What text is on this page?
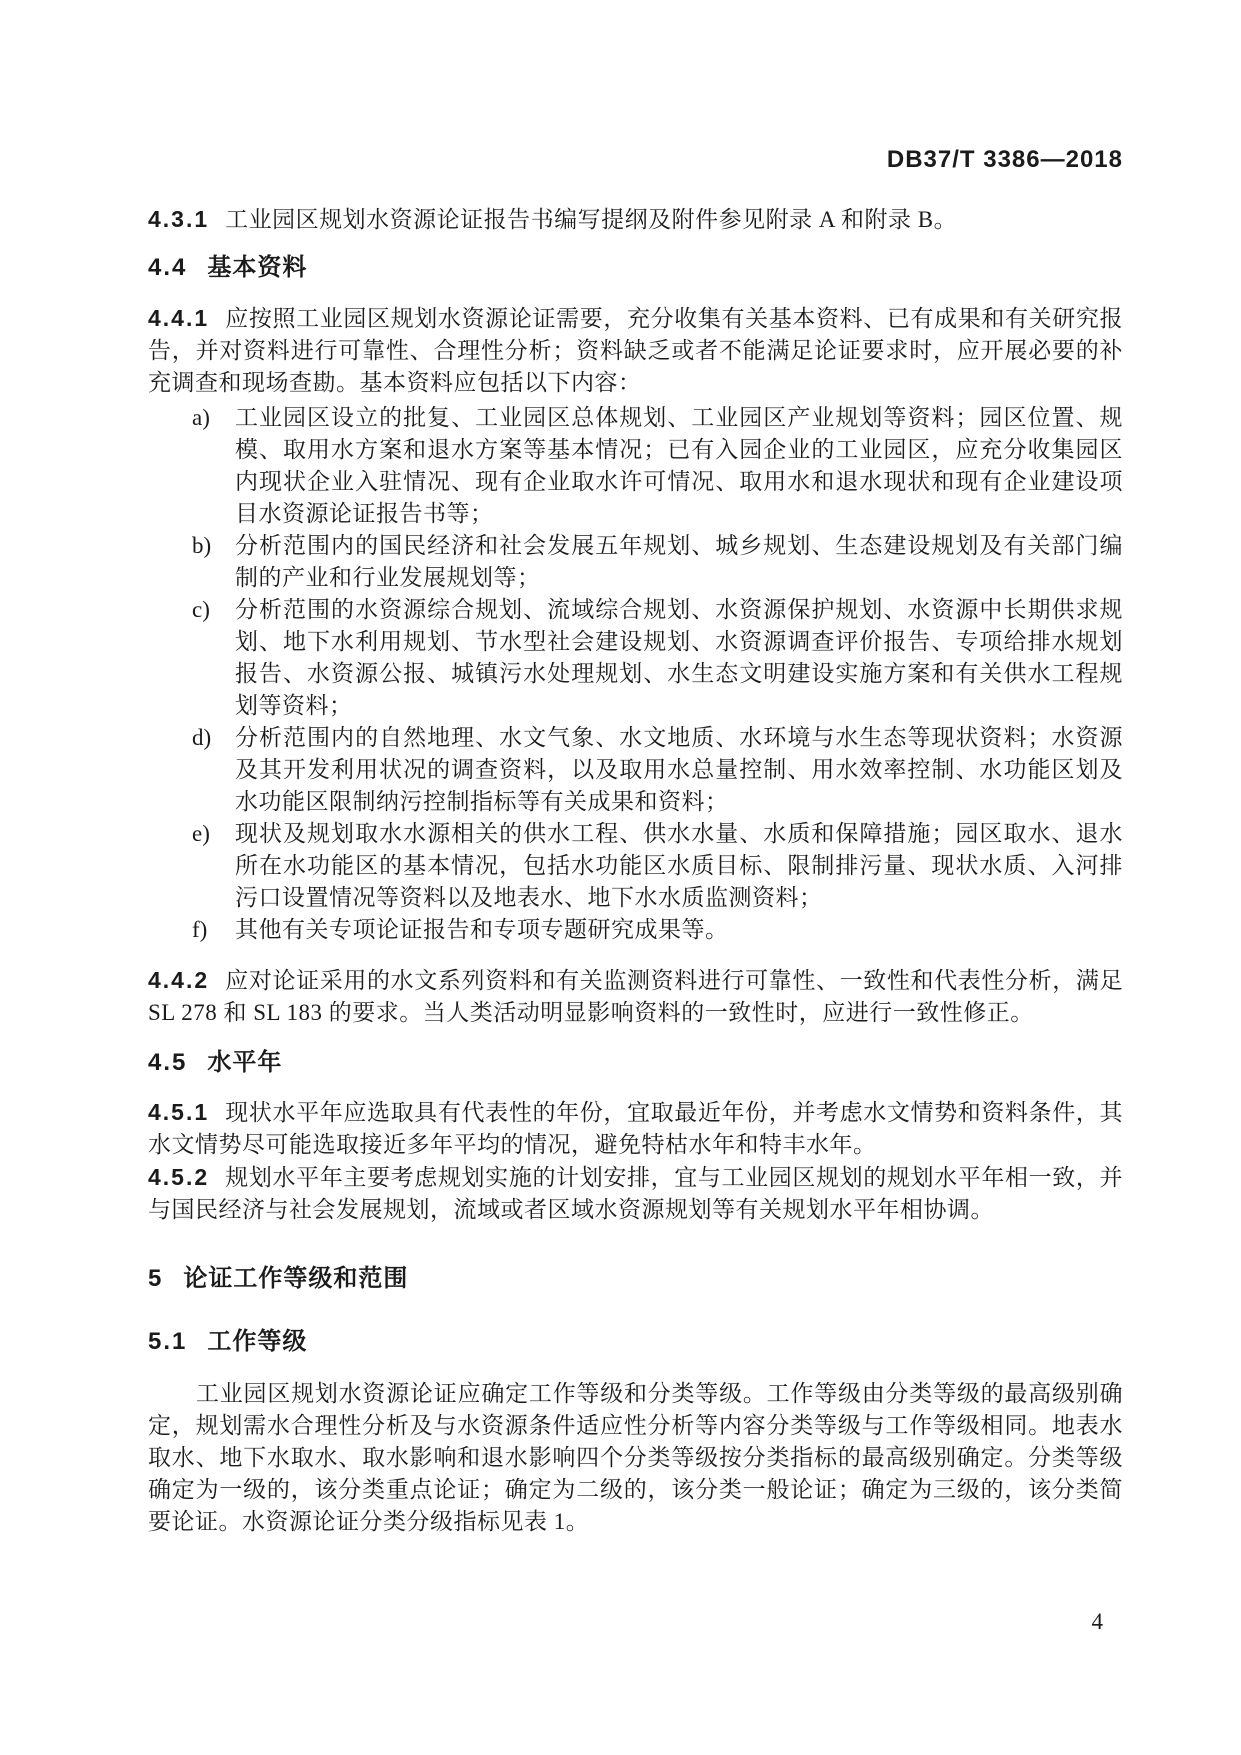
DB37/T 3386—2018

4.3.1 工业园区规划水资源论证报告书编写提纲及附件参见附录 A 和附录 B。

4.4 基本资料

4.4.1 应按照工业园区规划水资源论证需要，充分收集有关基本资料、已有成果和有关研究报告，并对资料进行可靠性、合理性分析；资料缺乏或者不能满足论证要求时，应开展必要的补充调查和现场查勘。基本资料应包括以下内容：

a) 工业园区设立的批复、工业园区总体规划、工业园区产业规划等资料；园区位置、规模、取用水方案和退水方案等基本情况；已有入园企业的工业园区，应充分收集园区内现状企业入驻情况、现有企业取水许可情况、取用水和退水现状和现有企业建设项目水资源论证报告书等；
b) 分析范围内的国民经济和社会发展五年规划、城乡规划、生态建设规划及有关部门编制的产业和行业发展规划等；
c) 分析范围的水资源综合规划、流域综合规划、水资源保护规划、水资源中长期供求规划、地下水利用规划、节水型社会建设规划、水资源调查评价报告、专项给排水规划报告、水资源公报、城镇污水处理规划、水生态文明建设实施方案和有关供水工程规划等资料；
d) 分析范围内的自然地理、水文气象、水文地质、水环境与水生态等现状资料；水资源及其开发利用状况的调查资料，以及取用水总量控制、用水效率控制、水功能区划及水功能区限制纳污控制指标等有关成果和资料；
e) 现状及规划取水水源相关的供水工程、供水水量、水质和保障措施；园区取水、退水所在水功能区的基本情况，包括水功能区水质目标、限制排污量、现状水质、入河排污口设置情况等资料以及地表水、地下水水质监测资料；
f) 其他有关专项论证报告和专项专题研究成果等。

4.4.2 应对论证采用的水文系列资料和有关监测资料进行可靠性、一致性和代表性分析，满足 SL 278 和 SL 183 的要求。当人类活动明显影响资料的一致性时，应进行一致性修正。

4.5 水平年

4.5.1 现状水平年应选取具有代表性的年份，宜取最近年份，并考虑水文情势和资料条件，其水文情势尽可能选取接近多年平均的情况，避免特枯水年和特丰水年。

4.5.2 规划水平年主要考虑规划实施的计划安排，宜与工业园区规划的规划水平年相一致，并与国民经济与社会发展规划，流域或者区域水资源规划等有关规划水平年相协调。

5 论证工作等级和范围
5.1 工作等级

工业园区规划水资源论证应确定工作等级和分类等级。工作等级由分类等级的最高级别确定，规划需水合理性分析及与水资源条件适应性分析等内容分类等级与工作等级相同。地表水取水、地下水取水、取水影响和退水影响四个分类等级按分类指标的最高级别确定。分类等级确定为一级的，该分类重点论证；确定为二级的，该分类一般论证；确定为三级的，该分类简要论证。水资源论证分类分级指标见表 1。

4
